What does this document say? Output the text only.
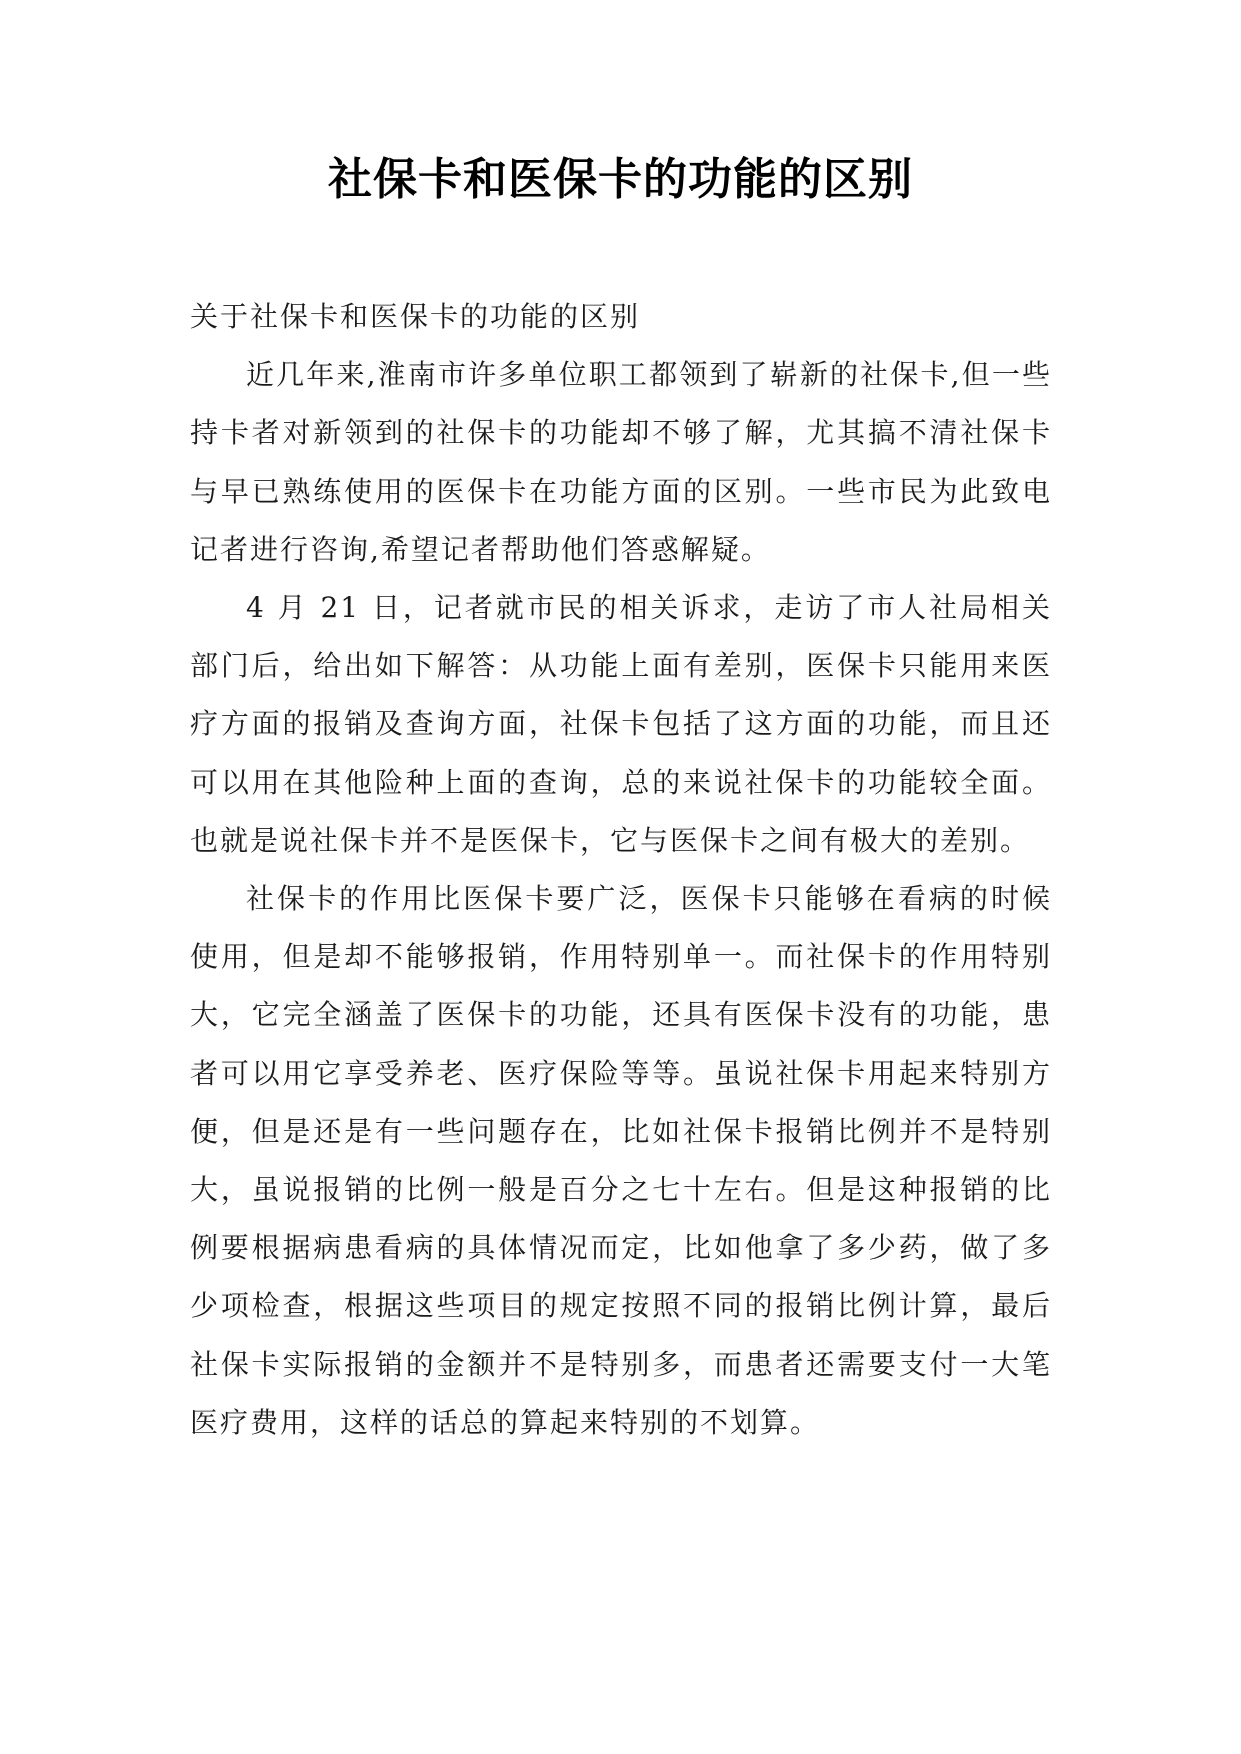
社保卡和医保卡的功能的区别

关于社保卡和医保卡的功能的区别

近几年来,淮南市许多单位职工都领到了崭新的社保卡,但一些持卡者对新领到的社保卡的功能却不够了解，尤其搞不清社保卡与早已熟练使用的医保卡在功能方面的区别。一些市民为此致电记者进行咨询,希望记者帮助他们答惑解疑。

4 月 21 日，记者就市民的相关诉求，走访了市人社局相关部门后，给出如下解答：从功能上面有差别，医保卡只能用来医疗方面的报销及查询方面，社保卡包括了这方面的功能，而且还可以用在其他险种上面的查询，总的来说社保卡的功能较全面。也就是说社保卡并不是医保卡，它与医保卡之间有极大的差别。

社保卡的作用比医保卡要广泛，医保卡只能够在看病的时候使用，但是却不能够报销，作用特别单一。而社保卡的作用特别大，它完全涵盖了医保卡的功能，还具有医保卡没有的功能，患者可以用它享受养老、医疗保险等等。虽说社保卡用起来特别方便，但是还是有一些问题存在，比如社保卡报销比例并不是特别大，虽说报销的比例一般是百分之七十左右。但是这种报销的比例要根据病患看病的具体情况而定，比如他拿了多少药，做了多少项检查，根据这些项目的规定按照不同的报销比例计算，最后社保卡实际报销的金额并不是特别多，而患者还需要支付一大笔医疗费用，这样的话总的算起来特别的不划算。
